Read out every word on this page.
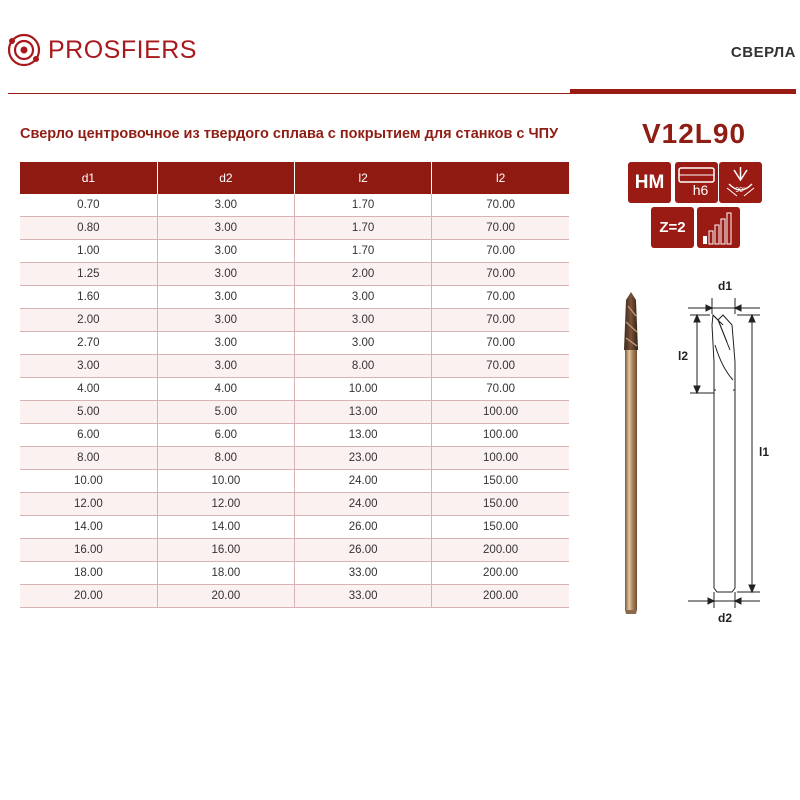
PROSFIERS	СВЕРЛА
Сверло центровочное из твердого сплава с покрытием для станков с ЧПУ	V12L90
d1	d2	l2	l2
0.70	3.00	1.70	70.00
0.80	3.00	1.70	70.00
1.00	3.00	1.70	70.00
1.25	3.00	2.00	70.00
1.60	3.00	3.00	70.00
2.00	3.00	3.00	70.00
2.70	3.00	3.00	70.00
3.00	3.00	8.00	70.00
4.00	4.00	10.00	70.00
5.00	5.00	13.00	100.00
6.00	6.00	13.00	100.00
8.00	8.00	23.00	100.00
10.00	10.00	24.00	150.00
12.00	12.00	24.00	150.00
14.00	14.00	26.00	150.00
16.00	16.00	26.00	200.00
18.00	18.00	33.00	200.00
20.00	20.00	33.00	200.00
HM	h6	90°
Z=2
d1
l2
l1
d2
